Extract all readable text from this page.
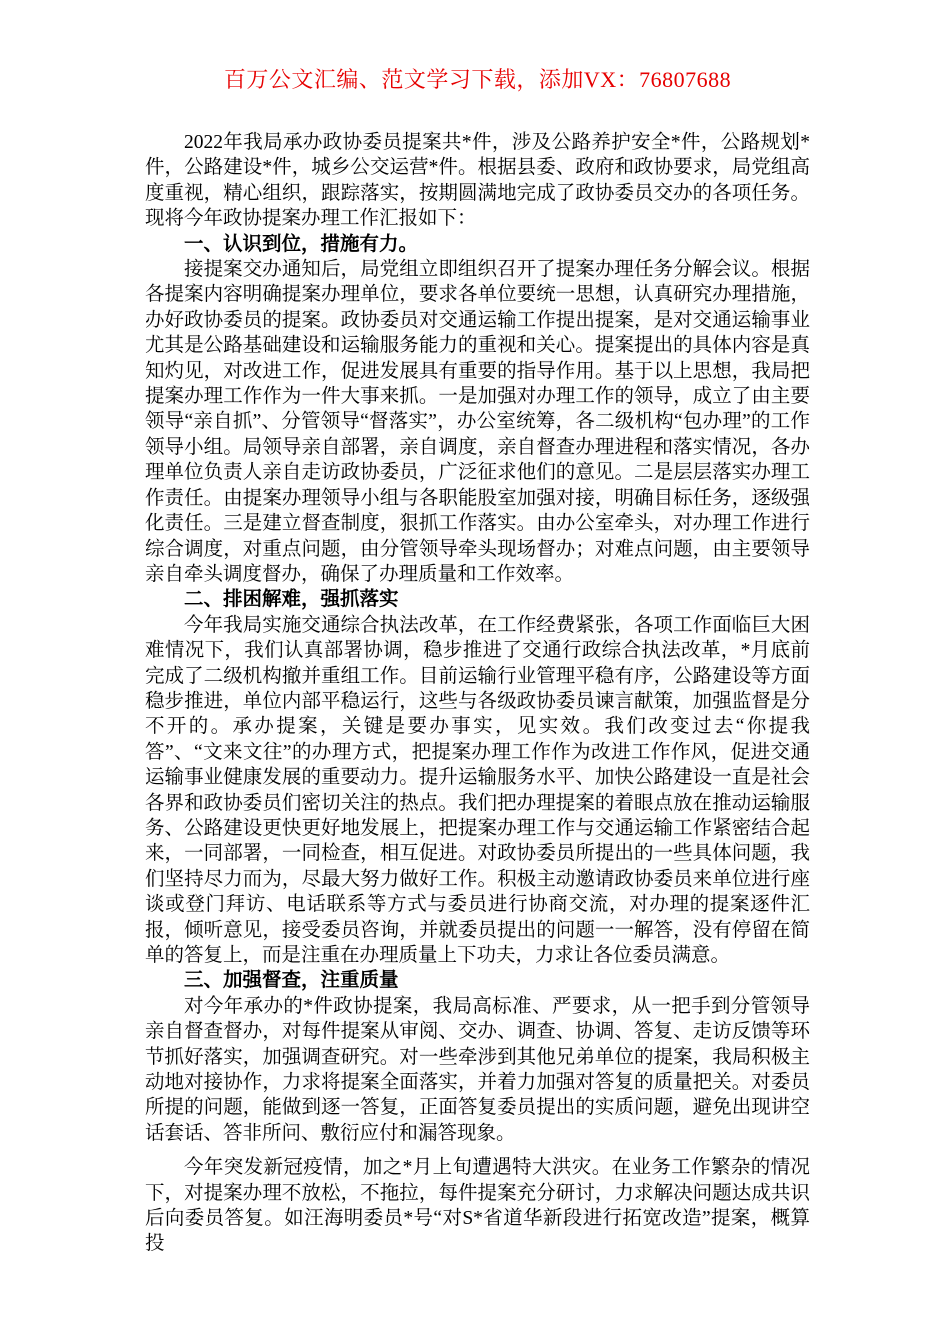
百万公文汇编、范文学习下载，添加VX：76807688

2022年我局承办政协委员提案共*件，涉及公路养护安全*件，公路规划*件，公路建设*件，城乡公交运营*件。根据县委、政府和政协要求，局党组高度重视，精心组织，跟踪落实，按期圆满地完成了政协委员交办的各项任务。现将今年政协提案办理工作汇报如下：

一、认识到位，措施有力。

接提案交办通知后，局党组立即组织召开了提案办理任务分解会议。根据各提案内容明确提案办理单位，要求各单位要统一思想，认真研究办理措施，办好政协委员的提案。政协委员对交通运输工作提出提案，是对交通运输事业尤其是公路基础建设和运输服务能力的重视和关心。提案提出的具体内容是真知灼见，对改进工作，促进发展具有重要的指导作用。基于以上思想，我局把提案办理工作作为一件大事来抓。一是加强对办理工作的领导，成立了由主要领导“亲自抓”、分管领导“督落实”，办公室统筹，各二级机构“包办理”的工作领导小组。局领导亲自部署，亲自调度，亲自督查办理进程和落实情况，各办理单位负责人亲自走访政协委员，广泛征求他们的意见。二是层层落实办理工作责任。由提案办理领导小组与各职能股室加强对接，明确目标任务，逐级强化责任。三是建立督查制度，狠抓工作落实。由办公室牵头，对办理工作进行综合调度，对重点问题，由分管领导牵头现场督办；对难点问题，由主要领导亲自牵头调度督办，确保了办理质量和工作效率。

二、排困解难，强抓落实

今年我局实施交通综合执法改革，在工作经费紧张，各项工作面临巨大困难情况下，我们认真部署协调，稳步推进了交通行政综合执法改革，*月底前完成了二级机构撤并重组工作。目前运输行业管理平稳有序，公路建设等方面稳步推进，单位内部平稳运行，这些与各级政协委员谏言献策，加强监督是分不开的。承办提案，关键是要办事实，见实效。我们改变过去“你提我答”、“文来文往”的办理方式，把提案办理工作作为改进工作作风，促进交通运输事业健康发展的重要动力。提升运输服务水平、加快公路建设一直是社会各界和政协委员们密切关注的热点。我们把办理提案的着眼点放在推动运输服务、公路建设更快更好地发展上，把提案办理工作与交通运输工作紧密结合起来，一同部署，一同检查，相互促进。对政协委员所提出的一些具体问题，我们坚持尽力而为，尽最大努力做好工作。积极主动邀请政协委员来单位进行座谈或登门拜访、电话联系等方式与委员进行协商交流，对办理的提案逐件汇报，倾听意见，接受委员咨询，并就委员提出的问题一一解答，没有停留在简单的答复上，而是注重在办理质量上下功夫，力求让各位委员满意。

三、加强督查，注重质量

对今年承办的*件政协提案，我局高标准、严要求，从一把手到分管领导亲自督查督办，对每件提案从审阅、交办、调查、协调、答复、走访反馈等环节抓好落实，加强调查研究。对一些牵涉到其他兄弟单位的提案，我局积极主动地对接协作，力求将提案全面落实，并着力加强对答复的质量把关。对委员所提的问题，能做到逐一答复，正面答复委员提出的实质问题，避免出现讲空话套话、答非所问、敷衍应付和漏答现象。

今年突发新冠疫情，加之*月上旬遭遇特大洪灾。在业务工作繁杂的情况下，对提案办理不放松，不拖拉，每件提案充分研讨，力求解决问题达成共识后向委员答复。如汪海明委员*号“对S*省道华新段进行拓宽改造”提案，概算投
